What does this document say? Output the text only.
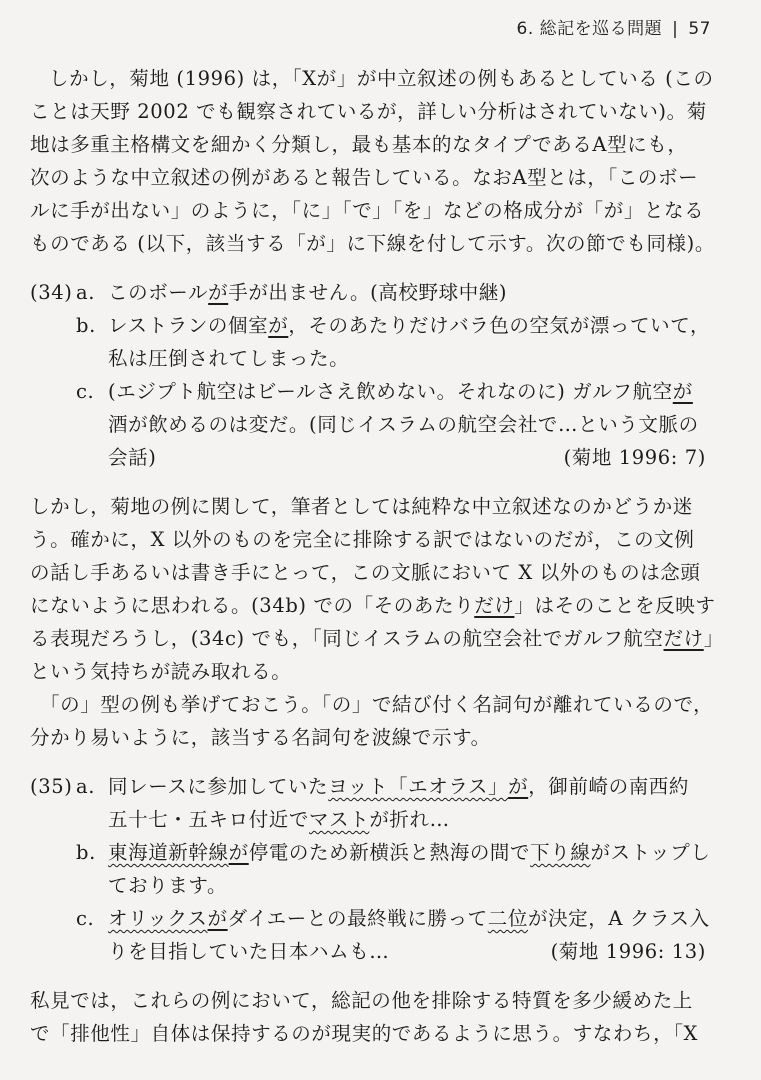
6. 総記を巡る問題 | 57

しかし，菊地 (1996) は，「Xが」が中立叙述の例もあるとしている (この

ことは天野 2002 でも観察されているが，詳しい分析はされていない)。菊

地は多重主格構文を細かく分類し，最も基本的なタイプであるA型にも，

次のような中立叙述の例があると報告している。なおA型とは，「このボー

ルに手が出ない」のように，「に」「で」「を」などの格成分が「が」となる

ものである (以下，該当する「が」に下線を付して示す。次の節でも同様)。

(34) a. このボールが手が出ません。(高校野球中継)
b. レストランの個室が，そのあたりだけバラ色の空気が漂っていて，
私は圧倒されてしまった。
c. (エジプト航空はビールさえ飲めない。それなのに) ガルフ航空が
酒が飲めるのは変だ。(同じイスラムの航空会社で…という文脈の
会話)	(菊地 1996: 7)

しかし，菊地の例に関して，筆者としては純粋な中立叙述なのかどうか迷

う。確かに，X 以外のものを完全に排除する訳ではないのだが，この文例

の話し手あるいは書き手にとって，この文脈において X 以外のものは念頭

にないように思われる。(34b) での「そのあたりだけ」はそのことを反映す

る表現だろうし，(34c) でも，「同じイスラムの航空会社でガルフ航空だけ」

という気持ちが読み取れる。

「の」型の例も挙げておこう。「の」で結び付く名詞句が離れているので，

分かり易いように，該当する名詞句を波線で示す。

(35) a. 同レースに参加していたヨット「エオラス」が，御前崎の南西約
五十七・五キロ付近でマストが折れ…
b. 東海道新幹線が停電のため新横浜と熱海の間で下り線がストップし
ております。
c. オリックスがダイエーとの最終戦に勝って二位が決定，A クラス入
りを目指していた日本ハムも…	(菊地 1996: 13)

私見では，これらの例において，総記の他を排除する特質を多少緩めた上

で「排他性」自体は保持するのが現実的であるように思う。すなわち，「X
